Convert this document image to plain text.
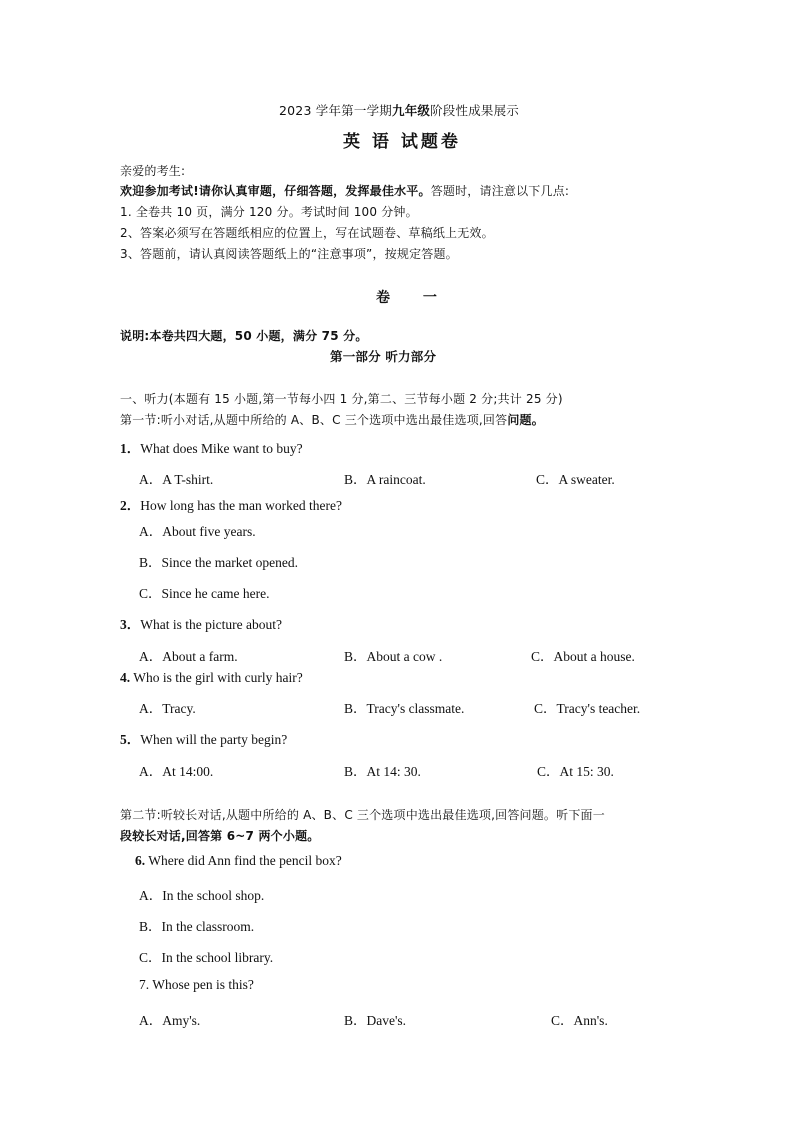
2023 学年第一学期九年级阶段性成果展示
英 语 试题卷
亲爱的考生:
欢迎参加考试!请你认真审题，仔细答题，发挥最佳水平。答题时，请注意以下几点:
1. 全卷共 10 页，满分 120 分。考试时间 100 分钟。
2、答案必须写在答题纸相应的位置上，写在试题卷、草稿纸上无效。
3、答题前，请认真阅读答题纸上的“注意事项”，按规定答题。
卷 一
说明:本卷共四大题，50 小题，满分 75 分。
第一部分 听力部分
一、听力(本题有 15 小题,第一节每小四 1 分,第二、三节每小题 2 分;共计 25 分)
第一节:听小对话,从题中所给的 A、B、C 三个选项中选出最佳选项,回答问题。
1．What does Mike want to buy?
A．A T-shirt.	B．A raincoat.	C．A sweater.
2．How long has the man worked there?
A．About five years.
B．Since the market opened.
C．Since he came here.
3．What is the picture about?
A．About a farm.	B．About a cow .	C．About a house.
4. Who is the girl with curly hair?
A．Tracy.	B．Tracy's classmate.	C．Tracy's teacher.
5．When will the party begin?
A．At 14:00.	B．At 14: 30.	C．At 15: 30.
第二节:听较长对话,从题中所给的 A、B、C 三个选项中选出最佳选项,回答问题。听下面一
段较长对话,回答第 6~7 两个小题。
6. Where did Ann find the pencil box?
A．In the school shop.
B．In the classroom.
C．In the school library.
7. Whose pen is this?
A．Amy's.	B．Dave's.	C．Ann's.
